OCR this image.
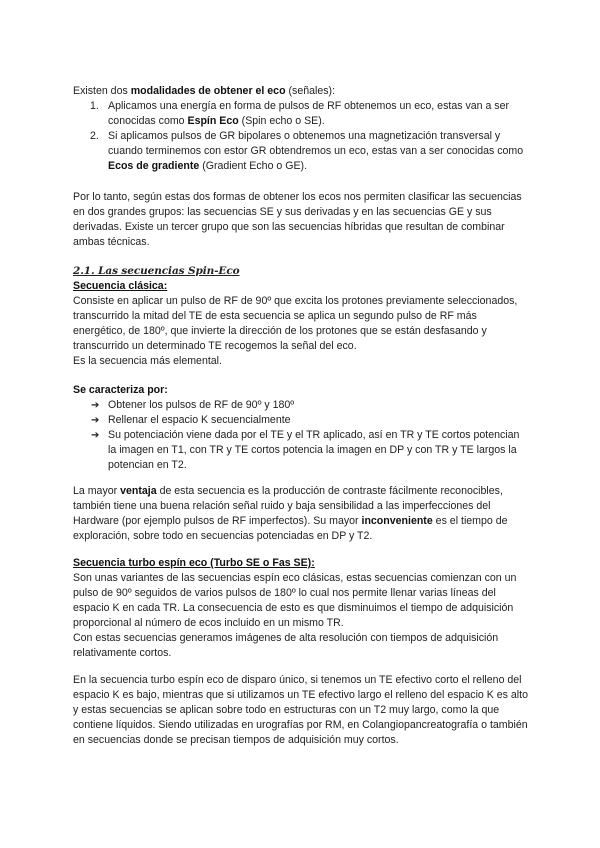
Existen dos modalidades de obtener el eco (señales):

1. Aplicamos una energía en forma de pulsos de RF obtenemos un eco, estas van a ser conocidas como Espín Eco (Spin echo o SE).
2. Si aplicamos pulsos de GR bipolares o obtenemos una magnetización transversal y cuando terminemos con estor GR obtendremos un eco, estas van a ser conocidas como Ecos de gradiente (Gradient Echo o GE).

Por lo tanto, según estas dos formas de obtener los ecos nos permiten clasificar las secuencias en dos grandes grupos: las secuencias SE y sus derivadas y en las secuencias GE y sus derivadas. Existe un tercer grupo que son las secuencias híbridas que resultan de combinar ambas técnicas.

2.1. Las secuencias Spin-Eco

Secuencia clásica:

Consiste en aplicar un pulso de RF de 90º que excita los protones previamente seleccionados, transcurrido la mitad del TE de esta secuencia se aplica un segundo pulso de RF más energético, de 180º, que invierte la dirección de los protones que se están desfasando y transcurrido un determinado TE recogemos la señal del eco.

Es la secuencia más elemental.

Se caracteriza por:

➔ Obtener los pulsos de RF de 90º y 180º
➔ Rellenar el espacio K secuencialmente
➔ Su potenciación viene dada por el TE y el TR aplicado, así en TR y TE cortos potencian la imagen en T1, con TR y TE cortos potencia la imagen en DP y con TR y TE largos la potencian en T2.

La mayor ventaja de esta secuencia es la producción de contraste fácilmente reconocibles, también tiene una buena relación señal ruido y baja sensibilidad a las imperfecciones del Hardware (por ejemplo pulsos de RF imperfectos). Su mayor inconveniente es el tiempo de exploración, sobre todo en secuencias potenciadas en DP y T2.

Secuencia turbo espín eco (Turbo SE o Fas SE):

Son unas variantes de las secuencias espín eco clásicas, estas secuencias comienzan con un pulso de 90º seguidos de varios pulsos de 180º lo cual nos permite llenar varias líneas del espacio K en cada TR. La consecuencia de esto es que disminuimos el tiempo de adquisición proporcional al número de ecos incluido en un mismo TR.

Con estas secuencias generamos imágenes de alta resolución con tiempos de adquisición relativamente cortos.

En la secuencia turbo espín eco de disparo único, si tenemos un TE efectivo corto el relleno del espacio K es bajo, mientras que si utilizamos un TE efectivo largo el relleno del espacio K es alto y estas secuencias se aplican sobre todo en estructuras con un T2 muy largo, como la que contiene líquidos. Siendo utilizadas en urografías por RM, en Colangiopancreatografía o también en secuencias donde se precisan tiempos de adquisición muy cortos.
